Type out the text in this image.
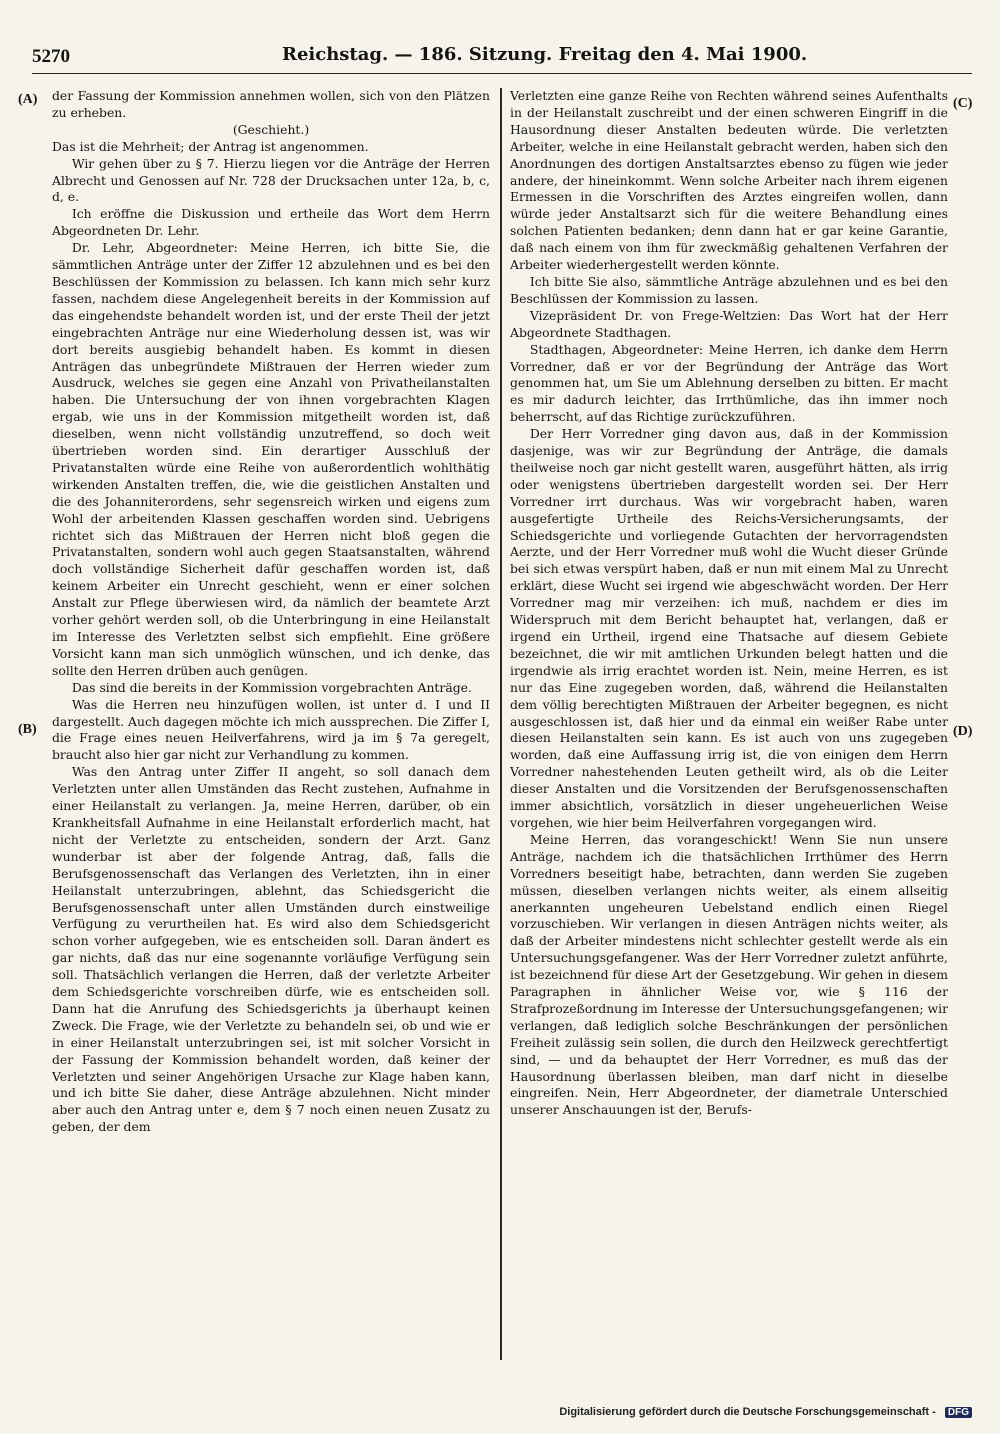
5270	Reichstag. — 186. Sitzung. Freitag den 4. Mai 1900.
(A)
(B)
(C)
(D)

der Fassung der Kommission annehmen wollen, sich von den Plätzen zu erheben.

(Geschieht.)

Das ist die Mehrheit; der Antrag ist angenommen.

Wir gehen über zu § 7. Hierzu liegen vor die Anträge der Herren Albrecht und Genossen auf Nr. 728 der Drucksachen unter 12a, b, c, d, e.

Ich eröffne die Diskussion und ertheile das Wort dem Herrn Abgeordneten Dr. Lehr.

Dr. Lehr, Abgeordneter: Meine Herren, ich bitte Sie, die sämmtlichen Anträge unter der Ziffer 12 abzulehnen und es bei den Beschlüssen der Kommission zu belassen. Ich kann mich sehr kurz fassen, nachdem diese Angelegenheit bereits in der Kommission auf das eingehendste behandelt worden ist, und der erste Theil der jetzt eingebrachten Anträge nur eine Wiederholung dessen ist, was wir dort bereits ausgiebig behandelt haben. Es kommt in diesen Anträgen das unbegründete Mißtrauen der Herren wieder zum Ausdruck, welches sie gegen eine Anzahl von Privatheilanstalten haben. Die Untersuchung der von ihnen vorgebrachten Klagen ergab, wie uns in der Kommission mitgetheilt worden ist, daß dieselben, wenn nicht vollständig unzutreffend, so doch weit übertrieben worden sind. Ein derartiger Ausschluß der Privatanstalten würde eine Reihe von außerordentlich wohlthätig wirkenden Anstalten treffen, die, wie die geistlichen Anstalten und die des Johanniterordens, sehr segensreich wirken und eigens zum Wohl der arbeitenden Klassen geschaffen worden sind. Uebrigens richtet sich das Mißtrauen der Herren nicht bloß gegen die Privatanstalten, sondern wohl auch gegen Staatsanstalten, während doch vollständige Sicherheit dafür geschaffen worden ist, daß keinem Arbeiter ein Unrecht geschieht, wenn er einer solchen Anstalt zur Pflege überwiesen wird, da nämlich der beamtete Arzt vorher gehört werden soll, ob die Unterbringung in eine Heilanstalt im Interesse des Verletzten selbst sich empfiehlt. Eine größere Vorsicht kann man sich unmöglich wünschen, und ich denke, das sollte den Herren drüben auch genügen.

Das sind die bereits in der Kommission vorgebrachten Anträge.

Was die Herren neu hinzufügen wollen, ist unter d. I und II dargestellt. Auch dagegen möchte ich mich aussprechen. Die Ziffer I, die Frage eines neuen Heilverfahrens, wird ja im § 7a geregelt, braucht also hier gar nicht zur Verhandlung zu kommen.

Was den Antrag unter Ziffer II angeht, so soll danach dem Verletzten unter allen Umständen das Recht zustehen, Aufnahme in einer Heilanstalt zu verlangen. Ja, meine Herren, darüber, ob ein Krankheitsfall Aufnahme in eine Heilanstalt erforderlich macht, hat nicht der Verletzte zu entscheiden, sondern der Arzt. Ganz wunderbar ist aber der folgende Antrag, daß, falls die Berufsgenossenschaft das Verlangen des Verletzten, ihn in einer Heilanstalt unterzubringen, ablehnt, das Schiedsgericht die Berufsgenossenschaft unter allen Umständen durch einstweilige Verfügung zu verurtheilen hat. Es wird also dem Schiedsgericht schon vorher aufgegeben, wie es entscheiden soll. Daran ändert es gar nichts, daß das nur eine sogenannte vorläufige Verfügung sein soll. Thatsächlich verlangen die Herren, daß der verletzte Arbeiter dem Schiedsgerichte vorschreiben dürfe, wie es entscheiden soll. Dann hat die Anrufung des Schiedsgerichts ja überhaupt keinen Zweck. Die Frage, wie der Verletzte zu behandeln sei, ob und wie er in einer Heilanstalt unterzubringen sei, ist mit solcher Vorsicht in der Fassung der Kommission behandelt worden, daß keiner der Verletzten und seiner Angehörigen Ursache zur Klage haben kann, und ich bitte Sie daher, diese Anträge abzulehnen. Nicht minder aber auch den Antrag unter e, dem § 7 noch einen neuen Zusatz zu geben, der dem

Verletzten eine ganze Reihe von Rechten während seines Aufenthalts in der Heilanstalt zuschreibt und der einen schweren Eingriff in die Hausordnung dieser Anstalten bedeuten würde. Die verletzten Arbeiter, welche in eine Heilanstalt gebracht werden, haben sich den Anordnungen des dortigen Anstaltsarztes ebenso zu fügen wie jeder andere, der hineinkommt. Wenn solche Arbeiter nach ihrem eigenen Ermessen in die Vorschriften des Arztes eingreifen wollen, dann würde jeder Anstaltsarzt sich für die weitere Behandlung eines solchen Patienten bedanken; denn dann hat er gar keine Garantie, daß nach einem von ihm für zweckmäßig gehaltenen Verfahren der Arbeiter wiederhergestellt werden könnte.

Ich bitte Sie also, sämmtliche Anträge abzulehnen und es bei den Beschlüssen der Kommission zu lassen.

Vizepräsident Dr. von Frege-Weltzien: Das Wort hat der Herr Abgeordnete Stadthagen.

Stadthagen, Abgeordneter: Meine Herren, ich danke dem Herrn Vorredner, daß er vor der Begründung der Anträge das Wort genommen hat, um Sie um Ablehnung derselben zu bitten. Er macht es mir dadurch leichter, das Irrthümliche, das ihn immer noch beherrscht, auf das Richtige zurückzuführen.

Der Herr Vorredner ging davon aus, daß in der Kommission dasjenige, was wir zur Begründung der Anträge, die damals theilweise noch gar nicht gestellt waren, ausgeführt hätten, als irrig oder wenigstens übertrieben dargestellt worden sei. Der Herr Vorredner irrt durchaus. Was wir vorgebracht haben, waren ausgefertigte Urtheile des Reichs-Versicherungsamts, der Schiedsgerichte und vorliegende Gutachten der hervorragendsten Aerzte, und der Herr Vorredner muß wohl die Wucht dieser Gründe bei sich etwas verspürt haben, daß er nun mit einem Mal zu Unrecht erklärt, diese Wucht sei irgend wie abgeschwächt worden. Der Herr Vorredner mag mir verzeihen: ich muß, nachdem er dies im Widerspruch mit dem Bericht behauptet hat, verlangen, daß er irgend ein Urtheil, irgend eine Thatsache auf diesem Gebiete bezeichnet, die wir mit amtlichen Urkunden belegt hatten und die irgendwie als irrig erachtet worden ist. Nein, meine Herren, es ist nur das Eine zugegeben worden, daß, während die Heilanstalten dem völlig berechtigten Mißtrauen der Arbeiter begegnen, es nicht ausgeschlossen ist, daß hier und da einmal ein weißer Rabe unter diesen Heilanstalten sein kann. Es ist auch von uns zugegeben worden, daß eine Auffassung irrig ist, die von einigen dem Herrn Vorredner nahestehenden Leuten getheilt wird, als ob die Leiter dieser Anstalten und die Vorsitzenden der Berufsgenossenschaften immer absichtlich, vorsätzlich in dieser ungeheuerlichen Weise vorgehen, wie hier beim Heilverfahren vorgegangen wird.

Meine Herren, das vorangeschickt! Wenn Sie nun unsere Anträge, nachdem ich die thatsächlichen Irrthümer des Herrn Vorredners beseitigt habe, betrachten, dann werden Sie zugeben müssen, dieselben verlangen nichts weiter, als einem allseitig anerkannten ungeheuren Uebelstand endlich einen Riegel vorzuschieben. Wir verlangen in diesen Anträgen nichts weiter, als daß der Arbeiter mindestens nicht schlechter gestellt werde als ein Untersuchungsgefangener. Was der Herr Vorredner zuletzt anführte, ist bezeichnend für diese Art der Gesetzgebung. Wir gehen in diesem Paragraphen in ähnlicher Weise vor, wie § 116 der Strafprozeßordnung im Interesse der Untersuchungsgefangenen; wir verlangen, daß lediglich solche Beschränkungen der persönlichen Freiheit zulässig sein sollen, die durch den Heilzweck gerechtfertigt sind, — und da behauptet der Herr Vorredner, es muß das der Hausordnung überlassen bleiben, man darf nicht in dieselbe eingreifen. Nein, Herr Abgeordneter, der diametrale Unterschied unserer Anschauungen ist der, Berufs-

Digitalisierung gefördert durch die Deutsche Forschungsgemeinschaft - DFG
